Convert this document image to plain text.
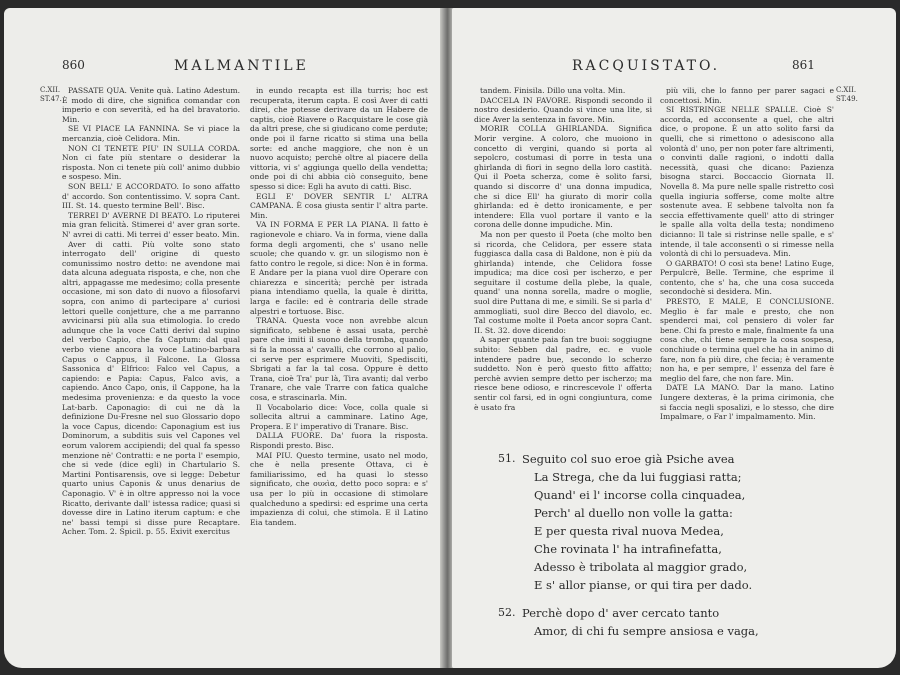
860	MALMANTILE
C.XII. ST.47.

PASSATE QUA. Venite quà. Latino Adestum. È modo di dire, che significa comandar con imperio e con severità, ed ha del bravatorio. Min.

SE VI PIACE LA FANNINA. Se vi piace la mercanzia, cioè Celidora. Min.

NON CI TENETE PIU' IN SULLA CORDA. Non ci fate più stentare o desiderar la risposta. Non ci tenete più coll' animo dubbio e sospeso. Min.

SON BELL' E ACCORDATO. Io sono affatto d' accordo. Son contentissimo. V. sopra Cant. III. St. 14. questo termine Bell'. Bisc.

TERREI D' AVERNE DI BEATO. Lo riputerei mia gran felicità. Stimerei d' aver gran sorte. N' avrei di catti. Mi terrei d' esser beato. Min.

Aver di catti. Più volte sono stato interrogato dell' origine di questo comunissimo nostro detto: ne avendone mai data alcuna adeguata risposta, e che, non che altri, appagasse me medesimo; colla presente occasione, mi son dato di nuovo a filosofarvi sopra, con animo di partecipare a' curiosi lettori quelle conjetture, che a me parranno avvicinarsi più alla sua etimologia. Io credo adunque che la voce Catti derivi dal supino del verbo Capio, che fa Captum: dal qual verbo viene ancora la voce Latino-barbara Capus o Cappus, il Falcone. La Glossa Sassonica d' Elfrico: Falco vel Capus, a capiendo: e Papia: Capus, Falco avis, a capiendo. Anco Capo, onis, il Cappone, ha la medesima provenienza: e da questo la voce Lat-barb. Caponagio: di cui ne dà la definizione Du-Fresne nel suo Glossario dopo la voce Capus, dicendo: Caponagium est ius Dominorum, a subditis suis vel Capones vel eorum valorem accipiendi; del qual fa spesso menzione nè' Contratti: e ne porta l' esempio, che si vede (dice egli) in Chartulario S. Martini Pontisarensis, ove si legge: Debetur quarto unius Caponis & unus denarius de Caponagio. V' è in oltre appresso noi la voce Ricatto, derivante dall' istessa radice; quasi si dovesse dire in Latino iterum captum: e che ne' bassi tempi si disse pure Recaptare. Acher. Tom. 2. Spicil. p. 55. Exivit exercitus

in eundo recapta est illa turris; hoc est recuperata, iterum capta. E così Aver di catti direi, che potesse derivare da un Habere de captis, cioè Riavere o Racquistare le cose già da altri prese, che si giudicano come perdute; onde poi il farne ricatto si stima una bella sorte: ed anche maggiore, che non è un nuovo acquisto; perchè oltre al piacere della vittoria, vi s' aggiunga quello della vendetta; onde poi di chi abbia ciò conseguito, bene spesso si dice: Egli ha avuto di catti. Bisc.

EGLI E' DOVER SENTIR L' ALTRA CAMPANA. È cosa giusta sentir l' altra parte. Min.

VA IN FORMA E PER LA PIANA. Il fatto è ragionevole e chiaro. Va in forma, viene dalla forma degli argomenti, che s' usano nelle scuole; che quando v. gr. un silogismo non è fatto contro le regole, si dice: Non è in forma. E Andare per la piana vuol dire Operare con chiarezza e sincerità; perchè per istrada piana intendiamo quella, la quale è diritta, larga e facile: ed è contraria delle strade alpestri e tortuose. Bisc.

TRANA. Questa voce non avrebbe alcun significato, sebbene è assai usata, perchè pare che imiti il suono della tromba, quando si fa la mossa a' cavalli, che corrono al palio, ci serve per esprimere Muoviti, Spedisciti, Sbrigati a far la tal cosa. Oppure è detto Trana, cioè Tra' pur là, Tira avanti; dal verbo Tranare, che vale Trarre con fatica qualche cosa, e strascinarla. Min.

Il Vocabolario dice: Voce, colla quale si sollecita altrui a camminare. Latino Age, Propera. E l' imperativo di Tranare. Bisc.

DALLA FUORE. Da' fuora la risposta. Rispondi presto. Bisc.

MAI PIU. Questo termine, usato nel modo, che è nella presente Ottava, ci è familiarissimo, ed ha quasi lo stesso significato, che ουϰὶα, detto poco sopra: e s' usa per lo più in occasione di stimolare qualcheduno a spedirsi: ed esprime una certa impazienza di colui, che stimola. E il Latino Eia tandem.

RACQUISTATO.	861
C.XII. ST.49.

tandem. Finisila. Dillo una volta. Min.

DACCELA IN FAVORE. Rispondi secondo il nostro desiderio. Quando si vince una lite, si dice Aver la sentenza in favore. Min.

MORIR COLLA GHIRLANDA. Significa Morir vergine. A coloro, che muoiono in concetto di vergini, quando si porta al sepolcro, costumasi di porre in testa una ghirlanda di fiori in segno della loro castità. Qui il Poeta scherza, come è solito farsi, quando si discorre d' una donna impudica, che si dice Ell' ha giurato di morir colla ghirlanda: ed è detto ironicamente, e per intendere: Ella vuol portare il vanto e la corona delle donne impudiche. Min.

Ma non per questo il Poeta (che molto ben si ricorda, che Celidora, per essere stata fuggiasca dalla casa di Baldone, non è più da ghirlanda) intende, che Celidora fosse impudica; ma dice così per ischerzo, e per seguitare il costume della plebe, la quale, quand' una nonna sorella, madre o moglie, suol dire Puttana di me, e simili. Se si parla d' ammogliati, suol dire Becco del diavolo, ec. Tal costume molte il Poeta ancor sopra Cant. II. St. 32. dove dicendo:

A saper quante paia fan tre buoi: soggiugne subito: Sebben dal padre, ec. e vuole intendere padre bue, secondo lo scherzo suddetto. Non è però questo fitto affatto; perchè avvien sempre detto per ischerzo; ma riesce bene odioso, e rincrescevole l' offerta sentir col farsi, ed in ogni congiuntura, come è usato fra

più vili, che lo fanno per parer sagaci e concettosi. Min.

SI RISTRINGE NELLE SPALLE. Cioè S' accorda, ed acconsente a quel, che altri dice, o propone. È un atto solito farsi da quelli, che si rimettono o adesiscono alla volontà d' uno, per non poter fare altrimenti, o convinti dalle ragioni, o indotti dalla necessità, quasi che dicano: Pazienza bisogna starci. Boccaccio Giornata II. Novella 8. Ma pure nelle spalle ristretto così quella ingiuria sofferse, come molte altre sostenute avea. E sebbene talvolta non fa seccia effettivamente quell' atto di stringer le spalle alla volta della testa; nondimeno dicianno: Il tale si ristrinse nelle spalle, e s' intende, il tale acconsentì o si rimesse nella volontà di chi lo persuadeva. Min.

O GARBATO! O così sta bene! Latino Euge, Perpulcrè, Belle. Termine, che esprime il contento, che s' ha, che una cosa succeda secondochè si desidera. Min.

PRESTO, E MALE, E CONCLUSIONE. Meglio è far male e presto, che non spenderci mai, col pensiero di voler far bene. Chi fa presto e male, finalmente fa una cosa che, chi tiene sempre la cosa sospesa, conchiude o termina quel che ha in animo di fare, non fa più dire, che fecia; è veramente non ha, e per sempre, l' essenza del fare è meglio del fare, che non fare. Min.

DATE LA MANO. Dar la mano. Latino Iungere dexteras, è la prima cirimonia, che si faccia negli sposalizi, e lo stesso, che dire Impalmare, o Far l' impalmamento. Min.

51. Seguito col suo eroe già Psiche avea
La Strega, che da lui fuggiasi ratta;
Quand' ei l' incorse colla cinquadea,
Perch' al duello non volle la gatta:
E per questa rival nuova Medea,
Che rovinata l' ha intrafinefatta,
Adesso è tribolata al maggior grado,
E s' allor pianse, or qui tira per dado.
52. Perchè dopo d' aver cercato tanto
Amor, di chi fu sempre ansiosa e vaga,
